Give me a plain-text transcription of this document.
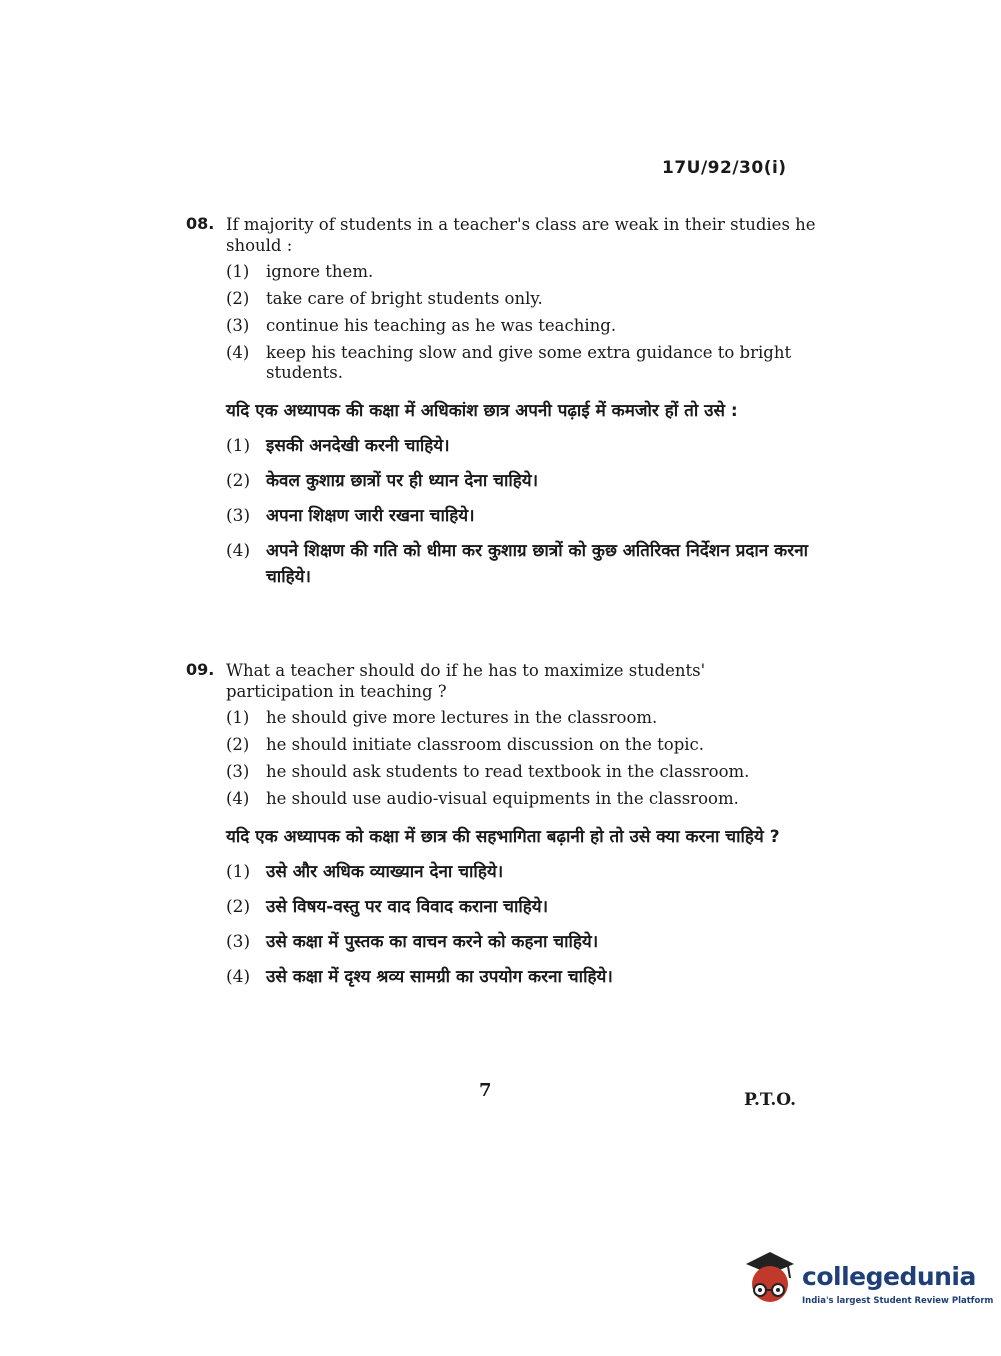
17U/92/30(i)
08. If majority of students in a teacher's class are weak in their studies he should :
(1)	ignore them.
(2)	take care of bright students only.
(3)	continue his teaching as he was teaching.
(4)	keep his teaching slow and give some extra guidance to bright students.
यदि एक अध्यापक की कक्षा में अधिकांश छात्र अपनी पढ़ाई में कमजोर हों तो उसे :
(1) इसकी अनदेखी करनी चाहिये।
(2) केवल कुशाग्र छात्रों पर ही ध्यान देना चाहिये।
(3) अपना शिक्षण जारी रखना चाहिये।
(4) अपने शिक्षण की गति को धीमा कर कुशाग्र छात्रों को कुछ अतिरिक्त निर्देशन प्रदान करना चाहिये।
09. What a teacher should do if he has to maximize students' participation in teaching ?
(1)	he should give more lectures in the classroom.
(2)	he should initiate classroom discussion on the topic.
(3)	he should ask students to read textbook in the classroom.
(4)	he should use audio-visual equipments in the classroom.
यदि एक अध्यापक को कक्षा में छात्र की सहभागिता बढ़ानी हो तो उसे क्या करना चाहिये ?
(1) उसे और अधिक व्याख्यान देना चाहिये।
(2) उसे विषय-वस्तु पर वाद विवाद कराना चाहिये।
(3) उसे कक्षा में पुस्तक का वाचन करने को कहना चाहिये।
(4) उसे कक्षा में दृश्य श्रव्य सामग्री का उपयोग करना चाहिये।
7	P.T.O.
collegedunia
India's largest Student Review Platform
